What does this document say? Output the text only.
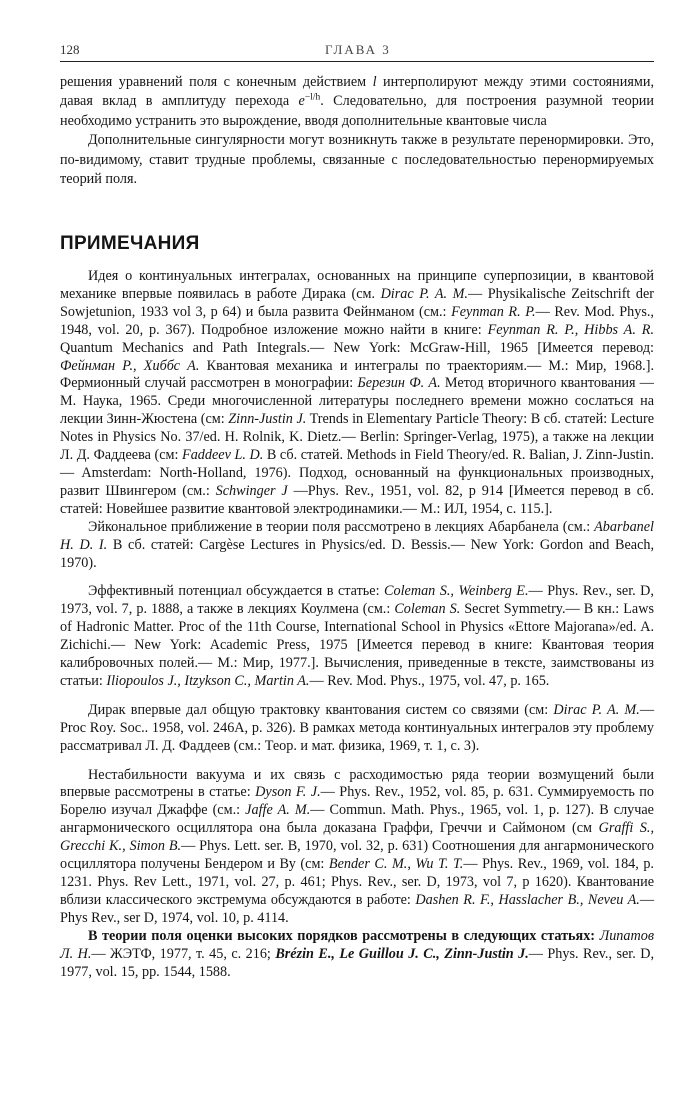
128	ГЛАВА 3

решения уравнений поля с конечным действием l интерполируют между этими состояниями, давая вклад в амплитуду перехода $e^{-l/h}$. Следовательно, для построения разумной теории необходимо устранить это вырождение, вводя дополнительные квантовые числа

Дополнительные сингулярности могут возникнуть также в результате перенормировки. Это, по-видимому, ставит трудные проблемы, связанные с последовательностью перенормируемых теорий поля.

ПРИМЕЧАНИЯ

Идея о континуальных интегралах, основанных на принципе суперпозиции, в квантовой механике впервые появилась в работе Дирака (см. Dirac P. A. M.— Physikalische Zeitschrift der Sowjetunion, 1933 vol 3, p 64) и была развита Фейнманом (см.: Feynman R. P.— Rev. Mod. Phys., 1948, vol. 20, p. 367). Подробное изложение можно найти в книге: Feynman R. P., Hibbs A. R. Quantum Mechanics and Path Integrals.— New York: McGraw-Hill, 1965 [Имеется перевод: Фейнман Р., Хиббс А. Квантовая механика и интегралы по траекториям.— М.: Мир, 1968.]. Фермионный случай рассмотрен в монографии: Березин Ф. А. Метод вторичного квантования —М. Наука, 1965. Среди многочисленной литературы последнего времени можно сослаться на лекции Зинн-Жюстена (см: Zinn-Justin J. Trends in Elementary Particle Theory: В сб. статей: Lecture Notes in Physics No. 37/ed. H. Rolnik, K. Dietz.— Berlin: Springer-Verlag, 1975), а также на лекции Л. Д. Фаддеева (см: Faddeev L. D. В сб. статей. Methods in Field Theory/ed. R. Balian, J. Zinn-Justin.— Amsterdam: North-Holland, 1976). Подход, основанный на функциональных производных, развит Швингером (см.: Schwinger J —Phys. Rev., 1951, vol. 82, p 914 [Имеется перевод в сб. статей: Новейшее развитие квантовой электродинамики.— М.: ИЛ, 1954, с. 115.].

Эйкональное приближение в теории поля рассмотрено в лекциях Абарбанела (см.: Abarbanel H. D. I. В сб. статей: Cargèse Lectures in Physics/ed. D. Bessis.— New York: Gordon and Beach, 1970).

Эффективный потенциал обсуждается в статье: Coleman S., Weinberg E.— Phys. Rev., ser. D, 1973, vol. 7, p. 1888, а также в лекциях Коулмена (см.: Coleman S. Secret Symmetry.— В кн.: Laws of Hadronic Matter. Proc of the 11th Course, International School in Physics «Ettore Majorana»/ed. A. Zichichi.— New York: Academic Press, 1975 [Имеется перевод в книге: Квантовая теория калибровочных полей.— М.: Мир, 1977.]. Вычисления, приведенные в тексте, заимствованы из статьи: Iliopoulos J., Itzykson C., Martin A.— Rev. Mod. Phys., 1975, vol. 47, p. 165.

Дирак впервые дал общую трактовку квантования систем со связями (см: Dirac P. A. M.— Proc Roy. Soc.. 1958, vol. 246A, p. 326). В рамках метода континуальных интегралов эту проблему рассматривал Л. Д. Фаддеев (см.: Теор. и мат. физика, 1969, т. 1, с. 3).

Нестабильности вакуума и их связь с расходимостью ряда теории возмущений были впервые рассмотрены в статье: Dyson F. J.— Phys. Rev., 1952, vol. 85, p. 631. Суммируемость по Борелю изучал Джаффе (см.: Jaffe A. M.— Commun. Math. Phys., 1965, vol. 1, p. 127). В случае ангармонического осциллятора она была доказана Граффи, Греччи и Саймоном (см Graffi S., Grecchi K., Simon B.— Phys. Lett. ser. B, 1970, vol. 32, p. 631) Соотношения для ангармонического осциллятора получены Бендером и Ву (см: Bender C. M., Wu T. T.— Phys. Rev., 1969, vol. 184, p. 1231. Phys. Rev Lett., 1971, vol. 27, p. 461; Phys. Rev., ser. D, 1973, vol 7, p 1620). Квантование вблизи классического экстремума обсуждаются в работе: Dashen R. F., Hasslacher B., Neveu A.— Phys Rev., ser D, 1974, vol. 10, p. 4114.

В теории поля оценки высоких порядков рассмотрены в следующих статьях: Липатов Л. Н.— ЖЭТФ, 1977, т. 45, с. 216; Brézin E., Le Guillou J. C., Zinn-Justin J.— Phys. Rev., ser. D, 1977, vol. 15, pp. 1544, 1588.
